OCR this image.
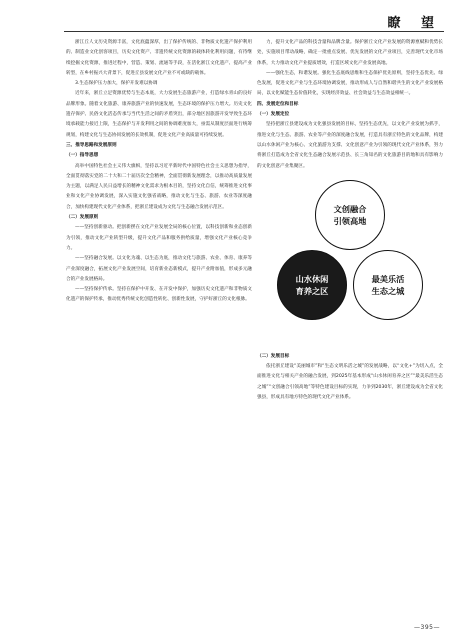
瞭 望

浙江丘人文历史资源丰富，文化底蕴深厚，出了保护传统的、非物质文化遗产保护利用的、制造业文化创客项目，历史文化资产、非遗传统文化资源的载体转化利用问题，有待继续挖掘文化资源，推进过程中，营造、策划、流通等手段，在活化浙江文化遗产、提高产业转型，在乡村振兴大背景下，促进丘县发展文化产业不可或缺的载体。

3.生态保护压力加大，保护开发难以协调

近年来，浙丘立足资源优势与生态本底，大力发展生态旅游产业，打造绿水青山的良好品牌形象。随着文化旅游、康养旅游产业的快速发展，生态环境的保护压力增大。历史文化遗存保护、民俗文化活态传承与当代生活之间的矛盾突出，部分地区因旅游开发导致生态环境承载能力接近上限，生态保护与开发利用之间的协调难度加大，亟需从制度层面进行统筹规划，构建文化与生态协同发展的长效机制，促进文化产业高质量可持续发展。

三、推导思路和发展原则

（一）指导思想

高举中国特色社会主义伟大旗帜，坚持以习近平新时代中国特色社会主义思想为指导，全面贯彻落实党的二十大和二十届历次全会精神，全面贯彻新发展理念，以推动高质量发展为主题，以满足人民日益增长的精神文化需求为根本目的，坚持文化自信，统筹推进文化事业和文化产业协调发展，深入实施文化强省战略，推动文化与生态、旅游、农业等深度融合，加快构建现代文化产业体系，把浙丘建设成为文化与生态融合发展示范区。

（二）发展原则

——坚持创新驱动。把创新摆在文化产业发展全局的核心位置，以科技创新和业态创新为引领，推动文化产业转型升级，提升文化产品和服务供给质量，增强文化产业核心竞争力。

——坚持融合发展。以文化为魂、以生态为底，推动文化与旅游、农业、体育、康养等产业深度融合，拓展文化产业发展空间，培育新业态新模式，提升产业附加值，形成多元融合的产业发展格局。

——坚持保护传承。坚持在保护中开发、在开发中保护，加强历史文化遗产和非物质文化遗产的保护传承，推动优秀传统文化创造性转化、创新性发展，守护好浙丘的文化根脉。

力，提升文化产品的科技含量和品牌含量。保护浙丘文化产业发展的资源禀赋和优势长处，实施项目带动战略，确定一批重点发展、优先发展的文化产业项目，完善现代文化市场体系，大力推动文化产业提质增效，打造区域文化产业发展高地。

——强化生态，和谐发展。强化生态底线思维和生态保护优先原则，坚持生态优先、绿色发展，促进文化产业与生态环境协调发展，推动形成人与自然和谐共生的文化产业发展格局，以文化赋能生态价值转化，实现经济效益、社会效益与生态效益相统一。

四、发展定位和目标

（一）发展定位

坚持把浙丘县建设成为文化强县发展的目标，坚持生态优先，以文化产业发展为抓手，推进文化与生态、旅游、农业等产业的深度融合发展，打造具有浙丘特色的文化品牌，构建以山水休闲产业为核心、文化旅游为支撑、文化创意产业为引领的现代文化产业体系，努力将浙丘打造成为全省文化生态融合发展示范县、长三角知名的文化旅游目的地和具有影响力的文化创意产业集聚区。

文创融合
引领高地
山水休闲
育养之区
最美乐活
生态之城

（二）发展目标

依托浙丘建设“美丽城市”和“生态文明乐活之城”的发展战略，以“文化+”为切入点，全面推进文化与相关产业的融合发展，到2025年基本形成“山水休闲育养之区”“最美乐活生态之城”“文创融合引领高地”等特色建设目标的实现，力争到2030年，浙丘建设成为全省文化强县，形成具有地方特色的现代文化产业体系。

—395—
